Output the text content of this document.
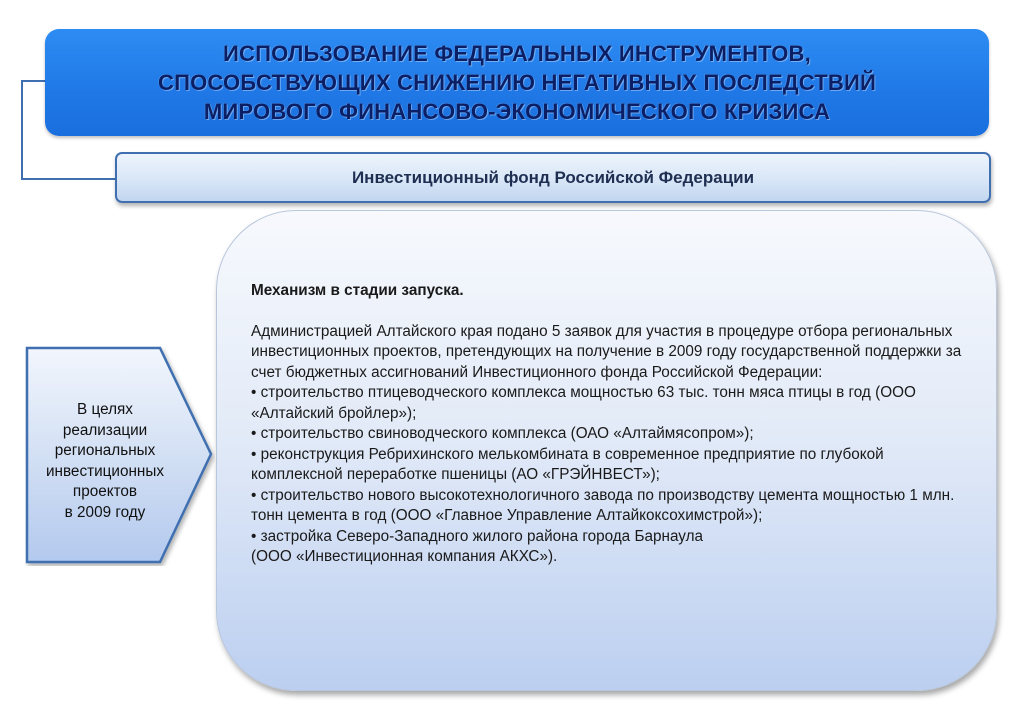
ИСПОЛЬЗОВАНИЕ ФЕДЕРАЛЬНЫХ ИНСТРУМЕНТОВ,
СПОСОБСТВУЮЩИХ СНИЖЕНИЮ НЕГАТИВНЫХ ПОСЛЕДСТВИЙ
МИРОВОГО ФИНАНСОВО-ЭКОНОМИЧЕСКОГО КРИЗИСА
Инвестиционный фонд Российской Федерации
В целях
реализации
региональных
инвестиционных
проектов
в 2009 году
Механизм в стадии запуска.

Администрацией Алтайского края подано 5 заявок для участия в процедуре отбора региональных инвестиционных проектов, претендующих на получение в 2009 году государственной поддержки за счет бюджетных ассигнований Инвестиционного фонда Российской Федерации:

• строительство птицеводческого комплекса мощностью 63 тыс. тонн мяса птицы в год (ООО «Алтайский бройлер»);

• строительство свиноводческого комплекса (ОАО «Алтаймясопром»);

• реконструкция Ребрихинского мелькомбината в современное предприятие по глубокой комплексной переработке пшеницы (АО «ГРЭЙНВЕСТ»);

• строительство нового высокотехнологичного завода по производству цемента мощностью 1 млн. тонн цемента в год (ООО «Главное Управление Алтайкоксохимстрой»);

• застройка Северо-Западного жилого района города Барнаула

(ООО «Инвестиционная компания АКХС»).
